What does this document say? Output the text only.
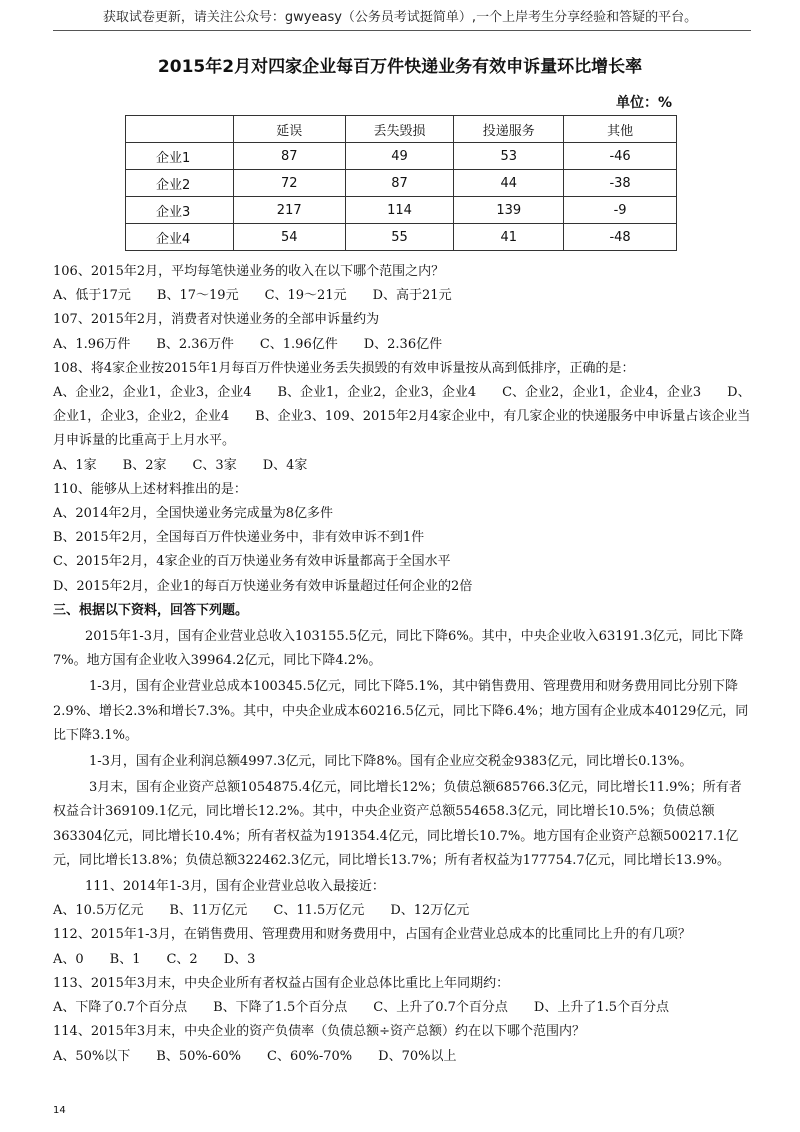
获取试卷更新，请关注公众号：gwyeasy（公务员考试挺简单）,一个上岸考生分享经验和答疑的平台。
2015年2月对四家企业每百万件快递业务有效申诉量环比增长率
单位：%
	延误	丢失毁损	投递服务	其他
企业1	87	49	53	-46
企业2	72	87	44	-38
企业3	217	114	139	-9
企业4	54	55	41	-48

106、2015年2月，平均每笔快递业务的收入在以下哪个范围之内？

A、低于17元　　B、17～19元　　C、19～21元　　D、高于21元

107、2015年2月，消费者对快递业务的全部申诉量约为

A、1.96万件　　B、2.36万件　　C、1.96亿件　　D、2.36亿件

108、将4家企业按2015年1月每百万件快递业务丢失损毁的有效申诉量按从高到低排序，正确的是：

A、企业2，企业1，企业3，企业4　　B、企业1，企业2，企业3，企业4　　C、企业2，企业1，企业4，企业3　　D、企业1，企业3，企业2，企业4　　B、企业3、109、2015年2月4家企业中，有几家企业的快递服务中申诉量占该企业当月申诉量的比重高于上月水平。

A、1家　　B、2家　　C、3家　　D、4家

110、能够从上述材料推出的是：

A、2014年2月，全国快递业务完成量为8亿多件

B、2015年2月，全国每百万件快递业务中，非有效申诉不到1件

C、2015年2月，4家企业的百万快递业务有效申诉量都高于全国水平

D、2015年2月，企业1的每百万快递业务有效申诉量超过任何企业的2倍

三、根据以下资料，回答下列题。

2015年1-3月，国有企业营业总收入103155.5亿元，同比下降6%。其中，中央企业收入63191.3亿元，同比下降7%。地方国有企业收入39964.2亿元，同比下降4.2%。

1-3月，国有企业营业总成本100345.5亿元，同比下降5.1%，其中销售费用、管理费用和财务费用同比分别下降2.9%、增长2.3%和增长7.3%。其中，中央企业成本60216.5亿元，同比下降6.4%；地方国有企业成本40129亿元，同比下降3.1%。

1-3月，国有企业利润总额4997.3亿元，同比下降8%。国有企业应交税金9383亿元，同比增长0.13%。

3月末，国有企业资产总额1054875.4亿元，同比增长12%；负债总额685766.3亿元，同比增长11.9%；所有者权益合计369109.1亿元，同比增长12.2%。其中，中央企业资产总额554658.3亿元，同比增长10.5%；负债总额363304亿元，同比增长10.4%；所有者权益为191354.4亿元，同比增长10.7%。地方国有企业资产总额500217.1亿元，同比增长13.8%；负债总额322462.3亿元，同比增长13.7%；所有者权益为177754.7亿元，同比增长13.9%。

111、2014年1-3月，国有企业营业总收入最接近：

A、10.5万亿元　　B、11万亿元　　C、11.5万亿元　　D、12万亿元

112、2015年1-3月，在销售费用、管理费用和财务费用中，占国有企业营业总成本的比重同比上升的有几项？

A、0　　B、1　　C、2　　D、3

113、2015年3月末，中央企业所有者权益占国有企业总体比重比上年同期约：

A、下降了0.7个百分点　　B、下降了1.5个百分点　　C、上升了0.7个百分点　　D、上升了1.5个百分点

114、2015年3月末，中央企业的资产负债率（负债总额÷资产总额）约在以下哪个范围内？

A、50%以下　　B、50%-60%　　C、60%-70%　　D、70%以上

14
